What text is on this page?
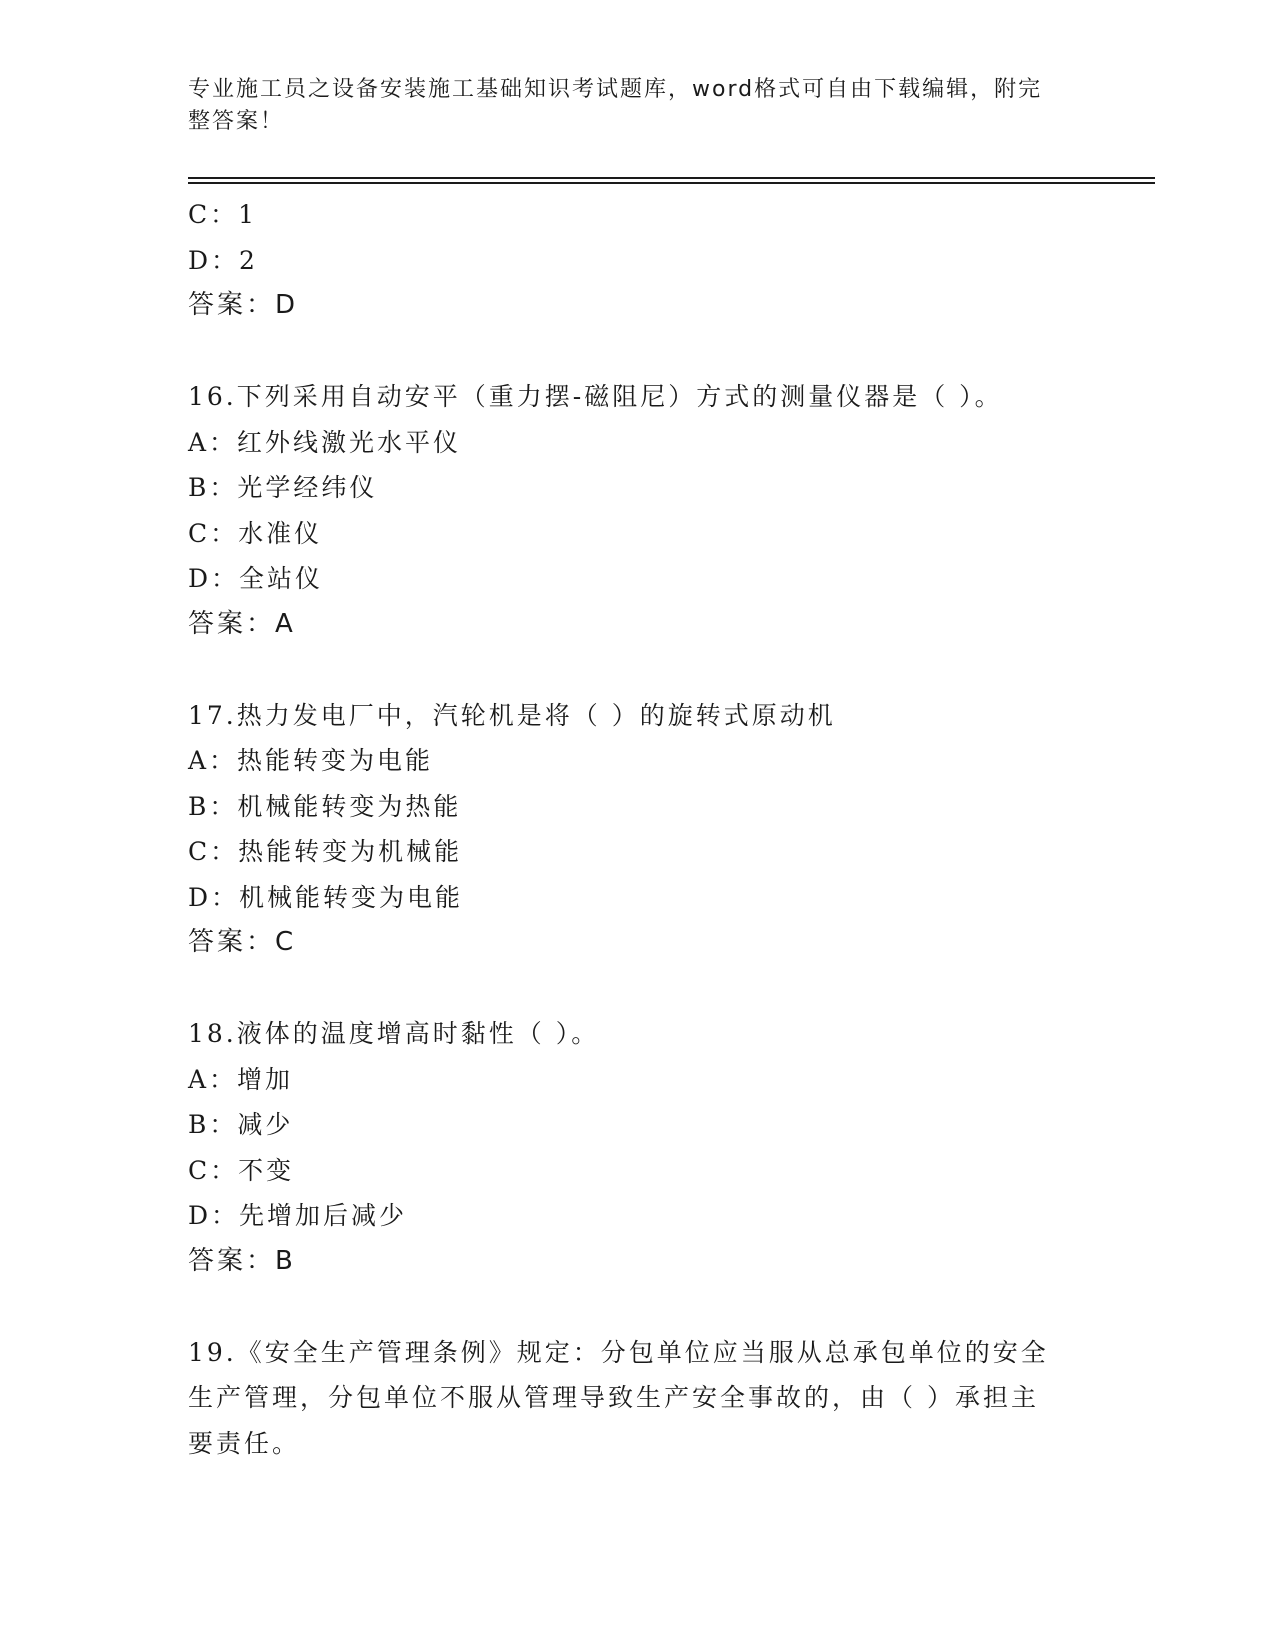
专业施工员之设备安装施工基础知识考试题库，word格式可自由下载编辑，附完
整答案！
C：1
D：2
答案：D
16.下列采用自动安平（重力摆-磁阻尼）方式的测量仪器是（ ）。
A：红外线激光水平仪
B：光学经纬仪
C：水准仪
D：全站仪
答案：A
17.热力发电厂中，汽轮机是将（ ）的旋转式原动机
A：热能转变为电能
B：机械能转变为热能
C：热能转变为机械能
D：机械能转变为电能
答案：C
18.液体的温度增高时黏性（ ）。
A：增加
B：减少
C：不变
D：先增加后减少
答案：B
19.《安全生产管理条例》规定：分包单位应当服从总承包单位的安全
生产管理，分包单位不服从管理导致生产安全事故的，由（ ）承担主
要责任。
